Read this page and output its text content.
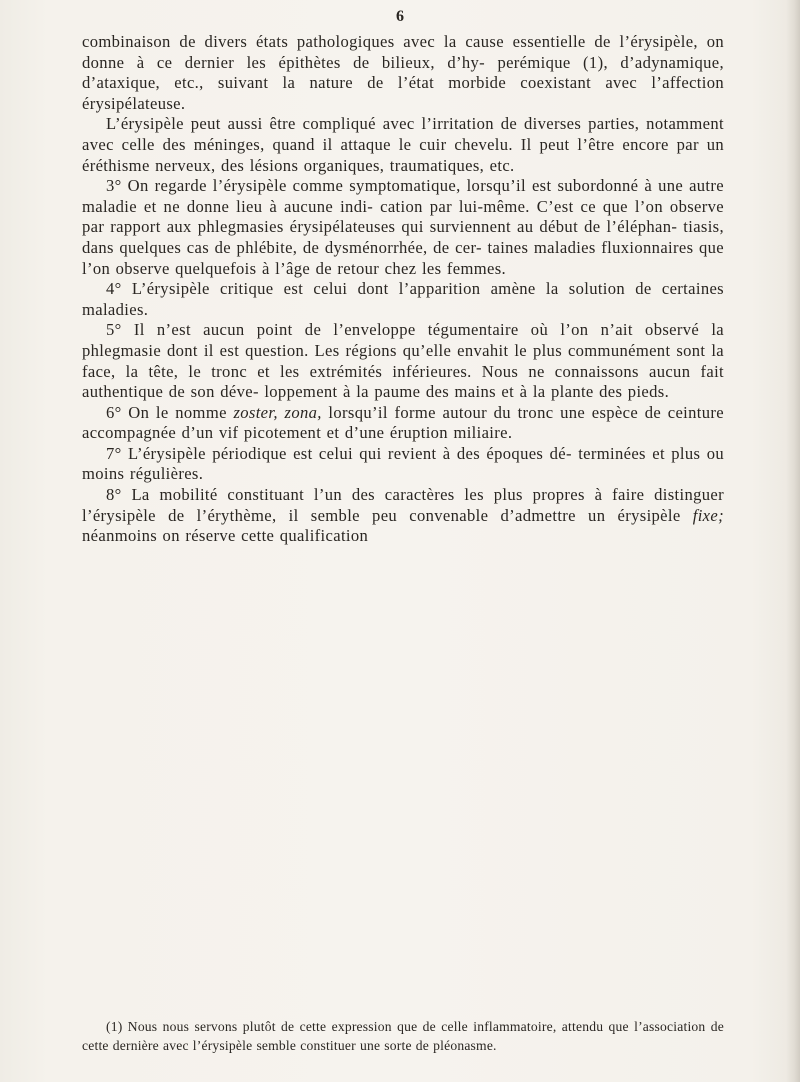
6

combinaison de divers états pathologiques avec la cause essentielle de l’érysipèle, on donne à ce dernier les épithètes de bilieux, d’hy- perémique (1), d’adynamique, d’ataxique, etc., suivant la nature de l’état morbide coexistant avec l’affection érysipélateuse.

L’érysipèle peut aussi être compliqué avec l’irritation de diverses parties, notamment avec celle des méninges, quand il attaque le cuir chevelu. Il peut l’être encore par un éréthisme nerveux, des lésions organiques, traumatiques, etc.

3° On regarde l’érysipèle comme symptomatique, lorsqu’il est subordonné à une autre maladie et ne donne lieu à aucune indi- cation par lui-même. C’est ce que l’on observe par rapport aux phlegmasies érysipélateuses qui surviennent au début de l’éléphan- tiasis, dans quelques cas de phlébite, de dysménorrhée, de cer- taines maladies fluxionnaires que l’on observe quelquefois à l’âge de retour chez les femmes.

4° L’érysipèle critique est celui dont l’apparition amène la solution de certaines maladies.

5° Il n’est aucun point de l’enveloppe tégumentaire où l’on n’ait observé la phlegmasie dont il est question. Les régions qu’elle envahit le plus communément sont la face, la tête, le tronc et les extrémités inférieures. Nous ne connaissons aucun fait authentique de son déve- loppement à la paume des mains et à la plante des pieds.

6° On le nomme zoster, zona, lorsqu’il forme autour du tronc une espèce de ceinture accompagnée d’un vif picotement et d’une éruption miliaire.

7° L’érysipèle périodique est celui qui revient à des époques dé- terminées et plus ou moins régulières.

8° La mobilité constituant l’un des caractères les plus propres à faire distinguer l’érysipèle de l’érythème, il semble peu convenable d’admettre un érysipèle fixe; néanmoins on réserve cette qualification

(1) Nous nous servons plutôt de cette expression que de celle inflammatoire, attendu que l’association de cette dernière avec l’érysipèle semble constituer une sorte de pléonasme.
